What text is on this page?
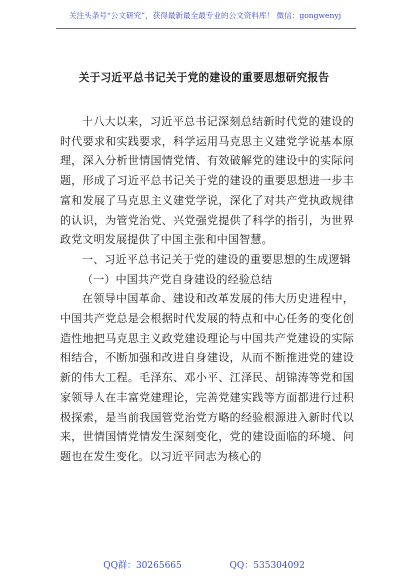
关注头条号“公文研究”，获得最新最全最专业的公文资料库！ 微信：gongwenyj
关于习近平总书记关于党的建设的重要思想研究报告

十八大以来，习近平总书记深刻总结新时代党的建设的时代要求和实践要求，科学运用马克思主义建党学说基本原理，深入分析世情国情党情、有效破解党的建设中的实际问题，形成了习近平总书记关于党的建设的重要思想进一步丰富和发展了马克思主义建党学说，深化了对共产党执政规律的认识，为管党治党、兴党强党提供了科学的指引，为世界政党文明发展提供了中国主张和中国智慧。

一、习近平总书记关于党的建设的重要思想的生成逻辑

（一）中国共产党自身建设的经验总结

在领导中国革命、建设和改革发展的伟大历史进程中，中国共产党总是会根据时代发展的特点和中心任务的变化创造性地把马克思主义政党建设理论与中国共产党建设的实际相结合，不断加强和改进自身建设，从而不断推进党的建设新的伟大工程。毛泽东、邓小平、江泽民、胡锦涛等党和国家领导人在丰富党建理论，完善党建实践等方面都进行过积极探索，是当前我国管党治党方略的经验根源进入新时代以来，世情国情党情发生深刻变化，党的建设面临的环境、问题也在发生变化。以习近平同志为核心的

QQ群：30265665	QQ：535304092
